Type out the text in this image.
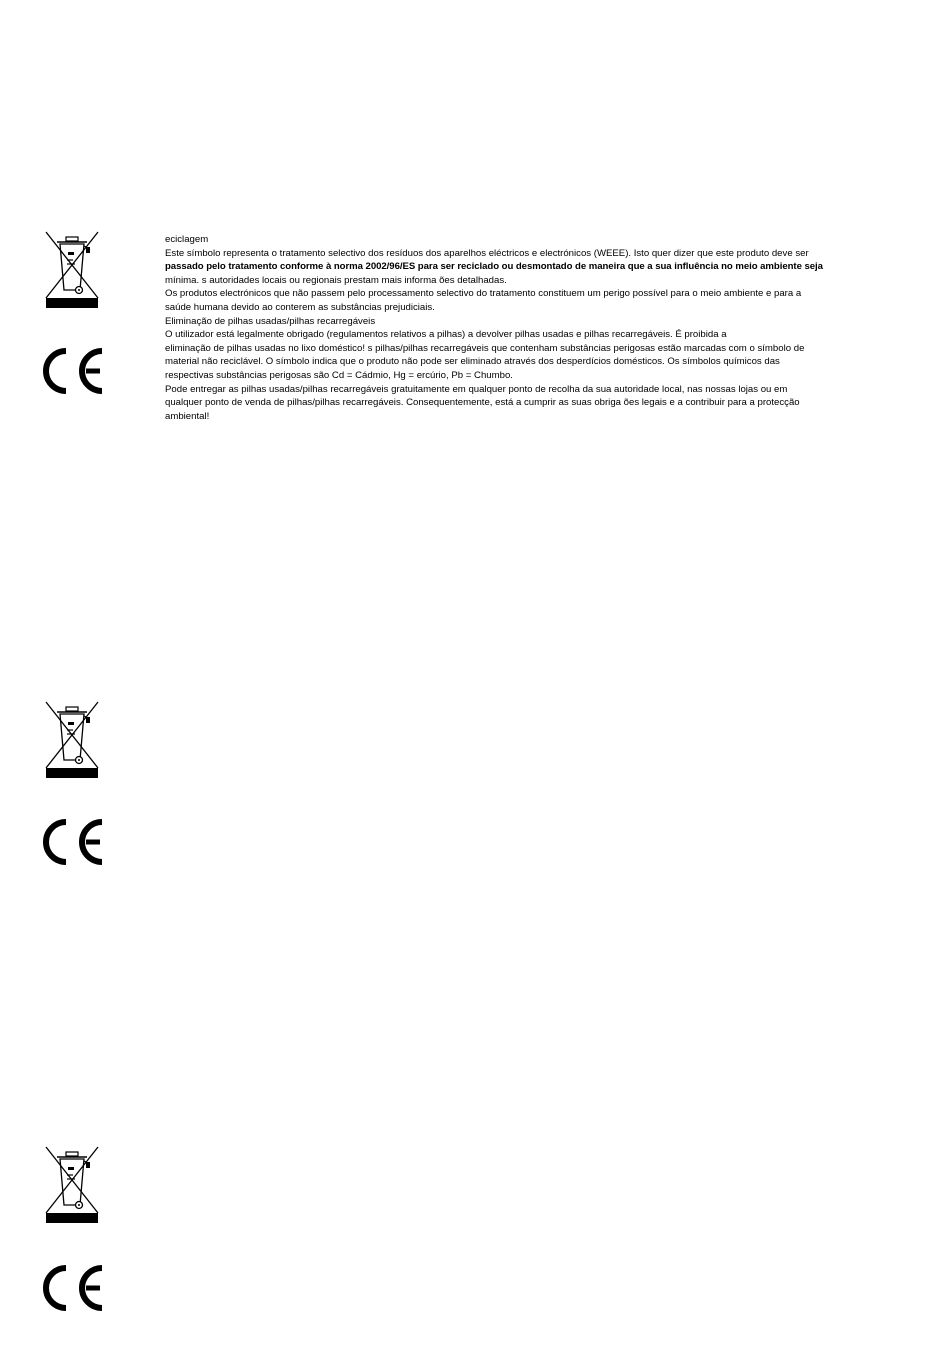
eciclagem

Este símbolo representa o tratamento selectivo dos resíduos dos aparelhos eléctricos e electrónicos (WEEE). Isto quer dizer que este produto deve ser

passado pelo tratamento conforme à norma 2002/96/ES para ser reciclado ou desmontado de maneira que a sua influência no meio ambiente seja

mínima. s autoridades locais ou regionais prestam mais informa ões detalhadas.

Os produtos electrónicos que não passem pelo processamento selectivo do tratamento constituem um perigo possível para o meio ambiente e para a

saúde humana devido ao conterem as substâncias prejudiciais.

Eliminação de pilhas usadas/pilhas recarregáveis

O utilizador está legalmente obrigado (regulamentos relativos a pilhas) a devolver pilhas usadas e pilhas recarregáveis. É proibida a

eliminação de pilhas usadas no lixo doméstico! s pilhas/pilhas recarregáveis que contenham substâncias perigosas estão marcadas com o símbolo de

material não reciclável. O símbolo indica que o produto não pode ser eliminado através dos desperdícios domésticos. Os símbolos químicos das

respectivas substâncias perigosas são Cd = Cádmio, Hg = ercúrio, Pb = Chumbo.

Pode entregar as pilhas usadas/pilhas recarregáveis gratuitamente em qualquer ponto de recolha da sua autoridade local, nas nossas lojas ou em

qualquer ponto de venda de pilhas/pilhas recarregáveis. Consequentemente, está a cumprir as suas obriga ões legais e a contribuir para a protecção

ambiental!
